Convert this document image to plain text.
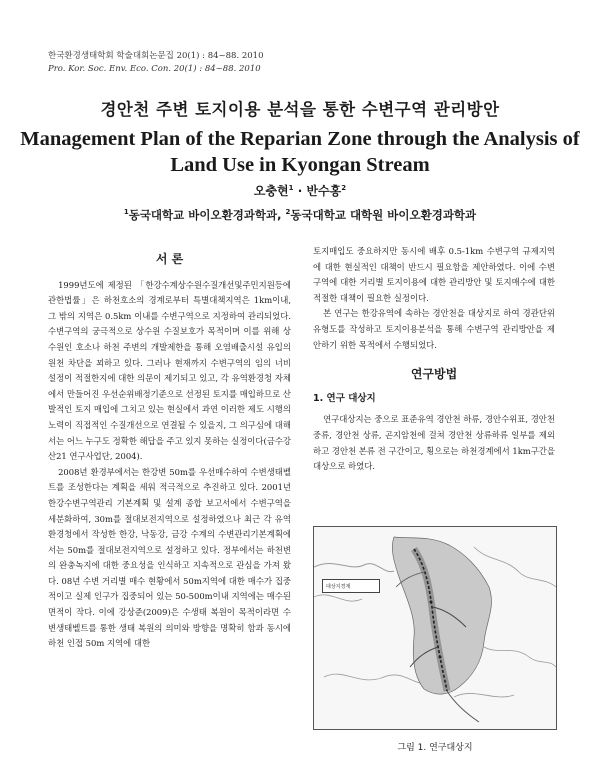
한국환경생태학회 학술대회논문집 20(1) : 84~88. 2010
Pro. Kor. Soc. Env. Eco. Con. 20(1) : 84~88. 2010
경안천 주변 토지이용 분석을 통한 수변구역 관리방안
Management Plan of the Reparian Zone through the Analysis of
Land Use in Kyongan Stream
오충현$^1$ · 반수홍$^2$
$^1$동국대학교 바이오환경과학과, $^2$동국대학교 대학원 바이오환경과학과
서 론

1999년도에 제정된 「한강수계상수원수질개선및주민지원등에관한법률」은 하천호소의 경계로부터 특별대책지역은 1km이내, 그 밖의 지역은 0.5km 이내를 수변구역으로 지정하여 관리되었다. 수변구역의 궁극적으로 상수원 수질보호가 목적이며 이를 위해 상수원인 호소나 하천 주변의 개발제한을 통해 오염배출시설 유입의 원천 차단을 꾀하고 있다. 그러나 현재까지 수변구역의 임의 너비 설정이 적절한지에 대한 의문이 제기되고 있고, 각 유역환경청 자체에서 만들어진 우선순위배정기준으로 선정된 토지를 매입하므로 산발적인 토지 매입에 그치고 있는 현실에서 과연 이러한 제도 시행의 노력이 직접적인 수질개선으로 연결될 수 있을지, 그 의구심에 대해서는 어느 누구도 정확한 해답을 주고 있지 못하는 실정이다(금수강산21 연구사업단, 2004).

2008년 환경부에서는 한강변 50m를 우선매수하여 수변생태벨트를 조성한다는 계획을 세워 적극적으로 추진하고 있다. 2001년 한강수변구역관리 기본계획 및 설계 종합 보고서에서 수변구역을 세분화하여, 30m를 절대보전지역으로 설정하였으나 최근 각 유역환경청에서 작성한 한강, 낙동강, 금강 수계의 수변관리기본계획에서는 50m를 절대보전지역으로 설정하고 있다. 정부에서는 하천변의 완충녹지에 대한 중요성을 인식하고 지속적으로 관심을 가져 왔다. 08년 수변 거리별 매수 현황에서 50m지역에 대한 매수가 집중적이고 실제 인구가 집중되어 있는 50-500m이내 지역에는 매수된 면적이 작다. 이에 강상준(2009)은 수생태 복원이 목적이라면 수변생태벨트를 통한 생태 복원의 의미와 방향을 명확히 함과 동시에 하천 인접 50m 지역에 대한

토지매입도 중요하지만 동시에 배후 0.5-1km 수변구역 규제지역에 대한 현실적인 대책이 반드시 필요함을 제안하였다. 이에 수변구역에 대한 거리별 토지이용에 대한 관리방안 및 토지매수에 대한 적절한 대책이 필요한 실정이다.

본 연구는 한강유역에 속하는 경안천을 대상지로 하여 경관단위유형도를 작성하고 토지이용분석을 통해 수변구역 관리방안을 제안하기 위한 목적에서 수행되었다.

연구방법
1. 연구 대상지

연구대상지는 중으로 표준유역 경안천 하류, 경안수위표, 경안천 중류, 경안천 상류, 곤지암천에 걸쳐 경안천 상류하류 일부를 제외하고 경안천 본류 전 구간이고, 횡으로는 하천경계에서 1km구간을 대상으로 하였다.

대상지경계
그림 1. 연구대상지
